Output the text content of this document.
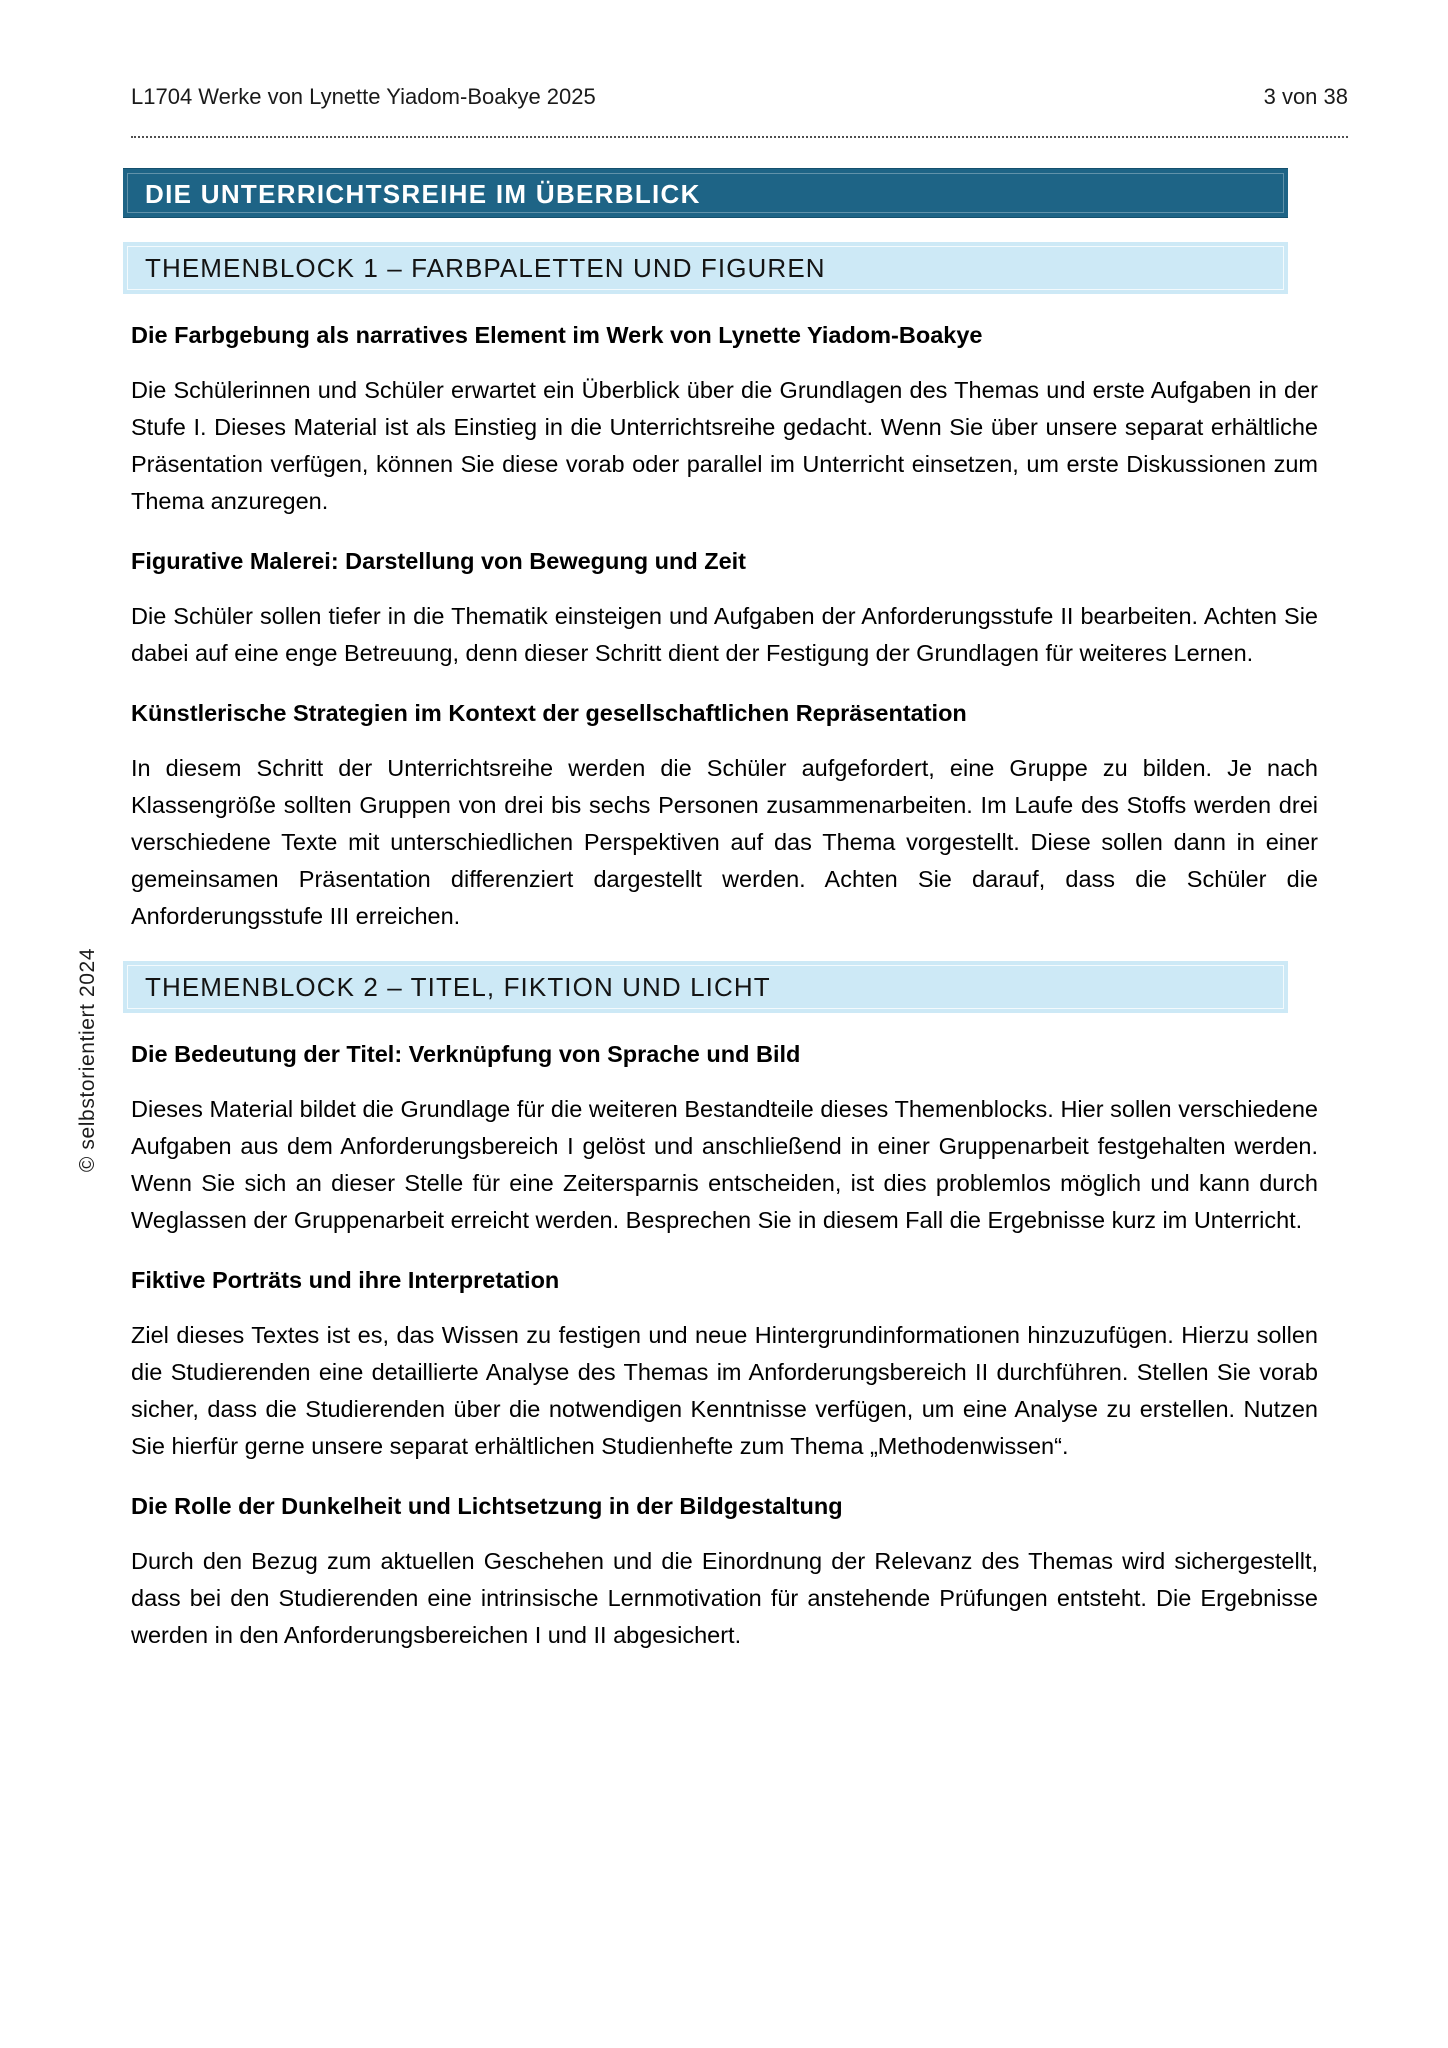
L1704 Werke von Lynette Yiadom-Boakye 2025	3 von 38
DIE UNTERRICHTSREIHE IM ÜBERBLICK
THEMENBLOCK 1 – FARBPALETTEN UND FIGUREN
Die Farbgebung als narratives Element im Werk von Lynette Yiadom-Boakye

Die Schülerinnen und Schüler erwartet ein Überblick über die Grundlagen des Themas und erste Aufgaben in der Stufe I. Dieses Material ist als Einstieg in die Unterrichtsreihe gedacht. Wenn Sie über unsere separat erhältliche Präsentation verfügen, können Sie diese vorab oder parallel im Unterricht einsetzen, um erste Diskussionen zum Thema anzuregen.

Figurative Malerei: Darstellung von Bewegung und Zeit

Die Schüler sollen tiefer in die Thematik einsteigen und Aufgaben der Anforderungsstufe II bearbeiten. Achten Sie dabei auf eine enge Betreuung, denn dieser Schritt dient der Festigung der Grundlagen für weiteres Lernen.

Künstlerische Strategien im Kontext der gesellschaftlichen Repräsentation

In diesem Schritt der Unterrichtsreihe werden die Schüler aufgefordert, eine Gruppe zu bilden. Je nach Klassengröße sollten Gruppen von drei bis sechs Personen zusammenarbeiten. Im Laufe des Stoffs werden drei verschiedene Texte mit unterschiedlichen Perspektiven auf das Thema vorgestellt. Diese sollen dann in einer gemeinsamen Präsentation differenziert dargestellt werden. Achten Sie darauf, dass die Schüler die Anforderungsstufe III erreichen.

THEMENBLOCK 2 – TITEL, FIKTION UND LICHT
Die Bedeutung der Titel: Verknüpfung von Sprache und Bild

Dieses Material bildet die Grundlage für die weiteren Bestandteile dieses Themenblocks. Hier sollen verschiedene Aufgaben aus dem Anforderungsbereich I gelöst und anschließend in einer Gruppenarbeit festgehalten werden. Wenn Sie sich an dieser Stelle für eine Zeitersparnis entscheiden, ist dies problemlos möglich und kann durch Weglassen der Gruppenarbeit erreicht werden. Besprechen Sie in diesem Fall die Ergebnisse kurz im Unterricht.

Fiktive Porträts und ihre Interpretation

Ziel dieses Textes ist es, das Wissen zu festigen und neue Hintergrundinformationen hinzuzufügen. Hierzu sollen die Studierenden eine detaillierte Analyse des Themas im Anforderungsbereich II durchführen. Stellen Sie vorab sicher, dass die Studierenden über die notwendigen Kenntnisse verfügen, um eine Analyse zu erstellen. Nutzen Sie hierfür gerne unsere separat erhältlichen Studienhefte zum Thema „Methodenwissen“.

Die Rolle der Dunkelheit und Lichtsetzung in der Bildgestaltung

Durch den Bezug zum aktuellen Geschehen und die Einordnung der Relevanz des Themas wird sichergestellt, dass bei den Studierenden eine intrinsische Lernmotivation für anstehende Prüfungen entsteht. Die Ergebnisse werden in den Anforderungsbereichen I und II abgesichert.

© selbstorientiert 2024
